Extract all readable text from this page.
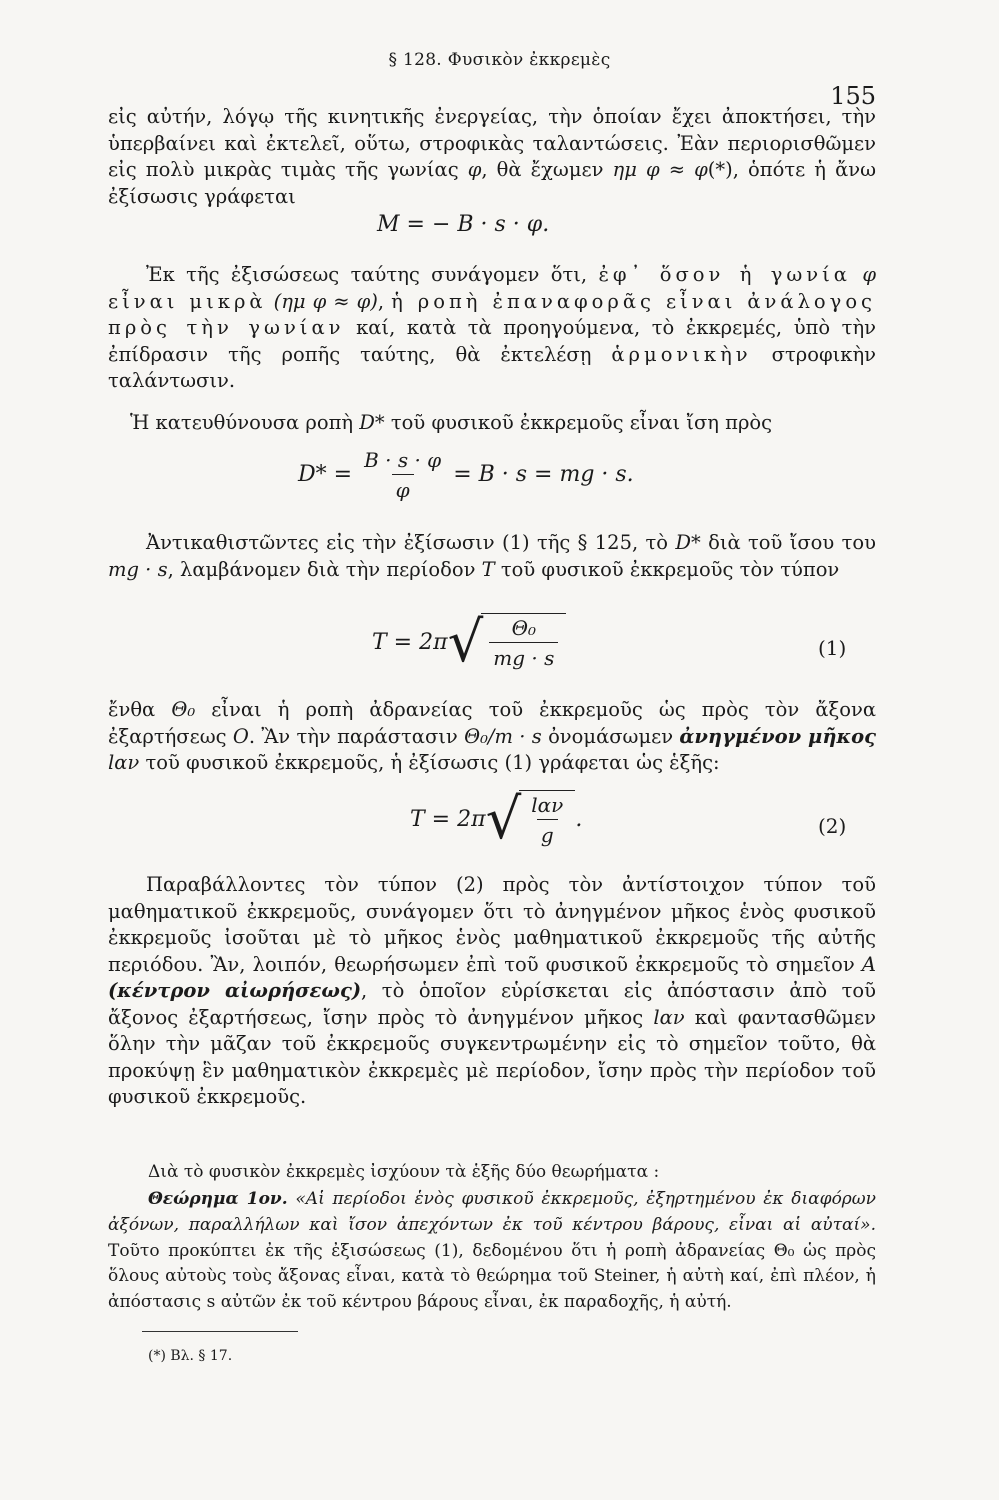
§ 128. Φυσικὸν ἐκκρεμὲς
155
εἰς αὐτήν, λόγῳ τῆς κινητικῆς ἐνεργείας, τὴν ὁποίαν ἔχει ἀποκτήσει, τὴν ὑπερβαίνει καὶ ἐκτελεῖ, οὕτω, στροφικὰς ταλαντώσεις. Ἐὰν περιορισθῶμεν εἰς πολὺ μικρὰς τιμὰς τῆς γωνίας φ, θὰ ἔχωμεν ημ φ ≈ φ(*), ὁπότε ἡ ἄνω ἐξίσωσις γράφεται
M = − B · s · φ.
Ἐκ τῆς ἐξισώσεως ταύτης συνάγομεν ὅτι, ἐφ᾿ ὅσον ἡ γωνία φ εἶναι μικρὰ (ημ φ ≈ φ), ἡ ροπὴ ἐπαναφορᾶς εἶναι ἀνάλογος πρὸς τὴν γωνίαν καί, κατὰ τὰ προηγούμενα, τὸ ἐκκρεμές, ὑπὸ τὴν ἐπίδρασιν τῆς ροπῆς ταύτης, θὰ ἐκτελέσῃ ἁρμονικὴν στροφικὴν ταλάντωσιν.
Ἡ κατευθύνουσα ροπὴ D* τοῦ φυσικοῦ ἐκκρεμοῦς εἶναι ἴση πρὸς
$D* = \frac{B \cdot s \cdot \varphi}{\varphi} = B \cdot s$ = mg · s.
Ἀντικαθιστῶντες εἰς τὴν ἐξίσωσιν (1) τῆς § 125, τὸ D* διὰ τοῦ ἴσου του mg · s, λαμβάνομεν διὰ τὴν περίοδον T τοῦ φυσικοῦ ἐκκρεμοῦς τὸν τύπον
T = 2π √ $\frac{\text{Θ₀}}{mg \cdot s}$	(1)
ἔνθα Θ₀ εἶναι ἡ ροπὴ ἀδρανείας τοῦ ἐκκρεμοῦς ὡς πρὸς τὸν ἄξονα ἐξαρτήσεως O. Ἂν τὴν παράστασιν Θ₀/m · s ὀνομάσωμεν ἀνηγμένον μῆκος lαν τοῦ φυσικοῦ ἐκκρεμοῦς, ἡ ἐξίσωσις (1) γράφεται ὡς ἑξῆς:
T = 2π √ $\frac{\text{lαν}}{g}$ .	(2)
Παραβάλλοντες τὸν τύπον (2) πρὸς τὸν ἀντίστοιχον τύπον τοῦ μαθηματικοῦ ἐκκρεμοῦς, συνάγομεν ὅτι τὸ ἀνηγμένον μῆκος ἑνὸς φυσικοῦ ἐκκρεμοῦς ἰσοῦται μὲ τὸ μῆκος ἑνὸς μαθηματικοῦ ἐκκρεμοῦς τῆς αὐτῆς περιόδου. Ἂν, λοιπόν, θεωρήσωμεν ἐπὶ τοῦ φυσικοῦ ἐκκρεμοῦς τὸ σημεῖον A (κέντρον αἰωρήσεως), τὸ ὁποῖον εὑρίσκεται εἰς ἀπόστασιν ἀπὸ τοῦ ἄξονος ἐξαρτήσεως, ἴσην πρὸς τὸ ἀνηγμένον μῆκος lαν καὶ φαντασθῶμεν ὅλην τὴν μᾶζαν τοῦ ἐκκρεμοῦς συγκεντρωμένην εἰς τὸ σημεῖον τοῦτο, θὰ προκύψῃ ἓν μαθηματικὸν ἐκκρεμὲς μὲ περίοδον, ἴσην πρὸς τὴν περίοδον τοῦ φυσικοῦ ἐκκρεμοῦς.
Διὰ τὸ φυσικὸν ἐκκρεμὲς ἰσχύουν τὰ ἑξῆς δύο θεωρήματα :
Θεώρημα 1ον. «Αἱ περίοδοι ἑνὸς φυσικοῦ ἐκκρεμοῦς, ἐξηρτημένου ἐκ διαφόρων ἀξόνων, παραλλήλων καὶ ἴσον ἀπεχόντων ἐκ τοῦ κέντρου βάρους, εἶναι αἱ αὐταί». Τοῦτο προκύπτει ἐκ τῆς ἐξισώσεως (1), δεδομένου ὅτι ἡ ροπὴ ἀδρανείας Θ₀ ὡς πρὸς ὅλους αὐτοὺς τοὺς ἄξονας εἶναι, κατὰ τὸ θεώρημα τοῦ Steiner, ἡ αὐτὴ καί, ἐπὶ πλέον, ἡ ἀπόστασις s αὐτῶν ἐκ τοῦ κέντρου βάρους εἶναι, ἐκ παραδοχῆς, ἡ αὐτή.
(*) Βλ. § 17.
